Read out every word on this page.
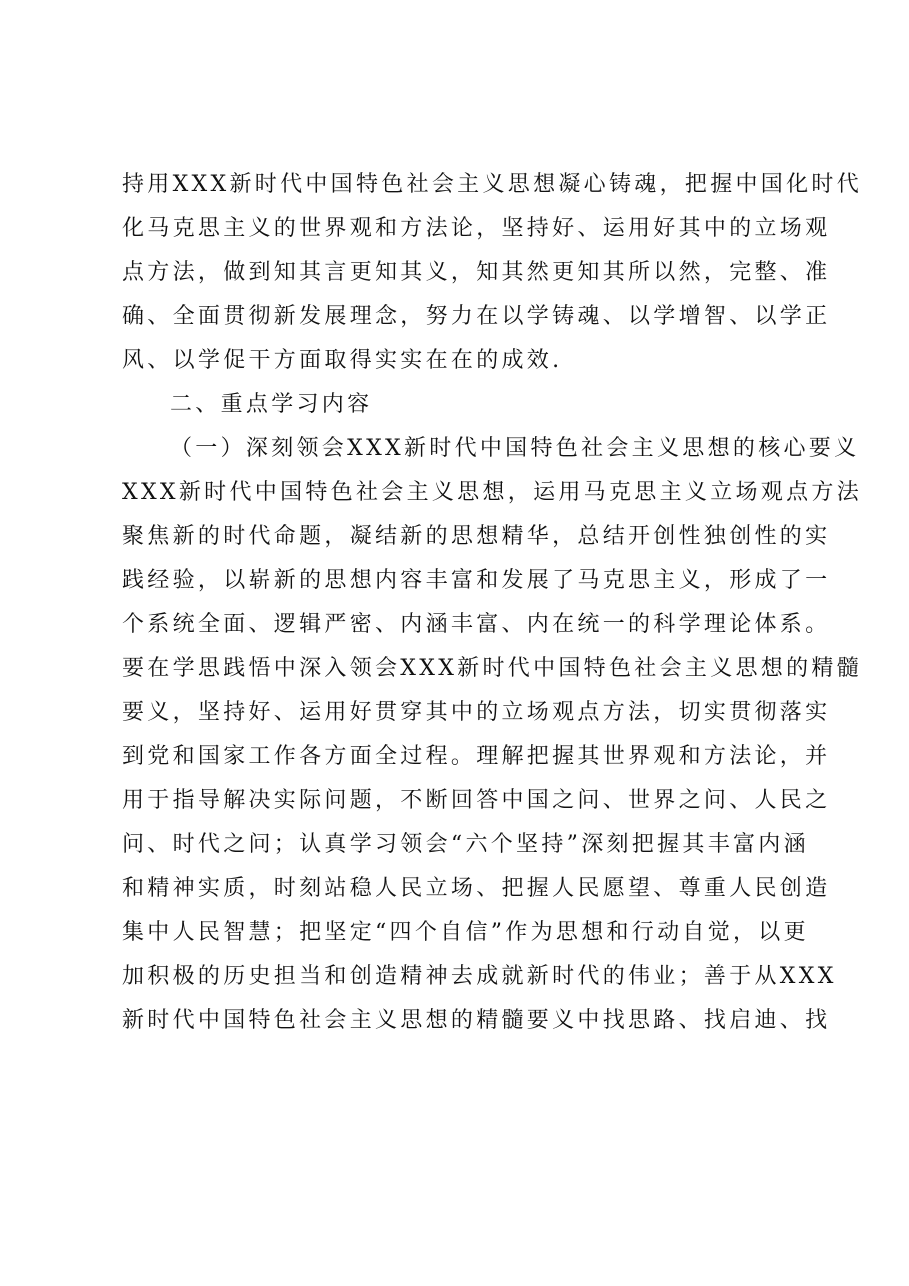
持用XXX新时代中国特色社会主义思想凝心铸魂，把握中国化时代
化马克思主义的世界观和方法论，坚持好、运用好其中的立场观
点方法，做到知其言更知其义，知其然更知其所以然，完整、准
确、全面贯彻新发展理念，努力在以学铸魂、以学增智、以学正
风、以学促干方面取得实实在在的成效.
二、重点学习内容
（一）深刻领会XXX新时代中国特色社会主义思想的核心要义
XXX新时代中国特色社会主义思想，运用马克思主义立场观点方法
聚焦新的时代命题，凝结新的思想精华，总结开创性独创性的实
践经验，以崭新的思想内容丰富和发展了马克思主义，形成了一
个系统全面、逻辑严密、内涵丰富、内在统一的科学理论体系。
要在学思践悟中深入领会XXX新时代中国特色社会主义思想的精髓
要义，坚持好、运用好贯穿其中的立场观点方法，切实贯彻落实
到党和国家工作各方面全过程。理解把握其世界观和方法论，并
用于指导解决实际问题，不断回答中国之问、世界之问、人民之
问、时代之问；认真学习领会“六个坚持”深刻把握其丰富内涵
和精神实质，时刻站稳人民立场、把握人民愿望、尊重人民创造
集中人民智慧；把坚定“四个自信”作为思想和行动自觉，以更
加积极的历史担当和创造精神去成就新时代的伟业；善于从XXX
新时代中国特色社会主义思想的精髓要义中找思路、找启迪、找
